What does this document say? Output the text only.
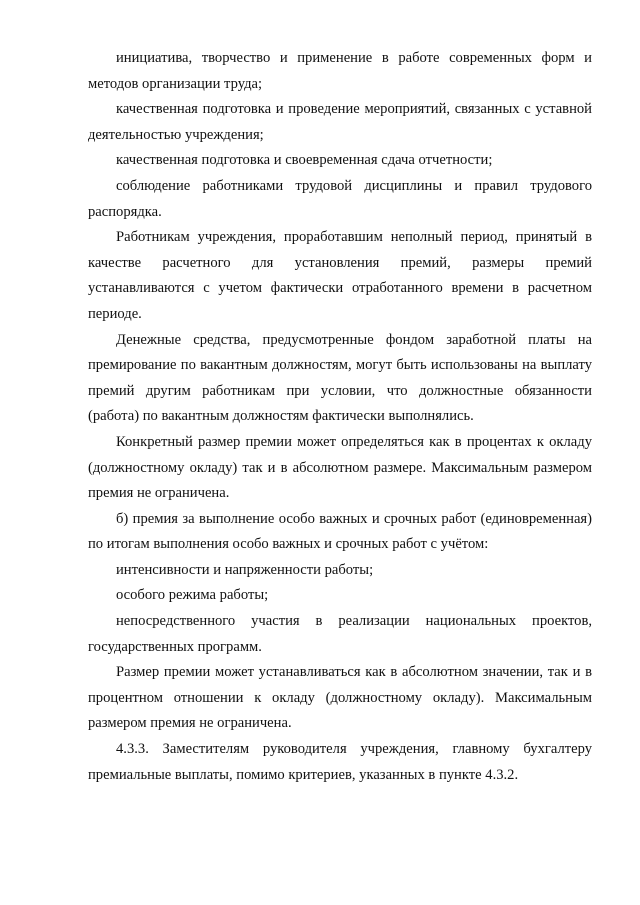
инициатива, творчество и применение в работе современных форм и методов организации труда;

качественная подготовка и проведение мероприятий, связанных с уставной деятельностью учреждения;

качественная подготовка и своевременная сдача отчетности;

соблюдение работниками трудовой дисциплины и правил трудового распорядка.

Работникам учреждения, проработавшим неполный период, принятый в качестве расчетного для установления премий, размеры премий устанавливаются с учетом фактически отработанного времени в расчетном периоде.

Денежные средства, предусмотренные фондом заработной платы на премирование по вакантным должностям, могут быть использованы на выплату премий другим работникам при условии, что должностные обязанности (работа) по вакантным должностям фактически выполнялись.

Конкретный размер премии может определяться как в процентах к окладу (должностному окладу) так и в абсолютном размере. Максимальным размером премия не ограничена.

б) премия за выполнение особо важных и срочных работ (единовременная) по итогам выполнения особо важных и срочных работ с учётом:

интенсивности и напряженности работы;

особого режима работы;

непосредственного участия в реализации национальных проектов, государственных программ.

Размер премии может устанавливаться как в абсолютном значении, так и в процентном отношении к окладу (должностному окладу). Максимальным размером премия не ограничена.

4.3.3. Заместителям руководителя учреждения, главному бухгалтеру премиальные выплаты, помимо критериев, указанных в пункте 4.3.2.
